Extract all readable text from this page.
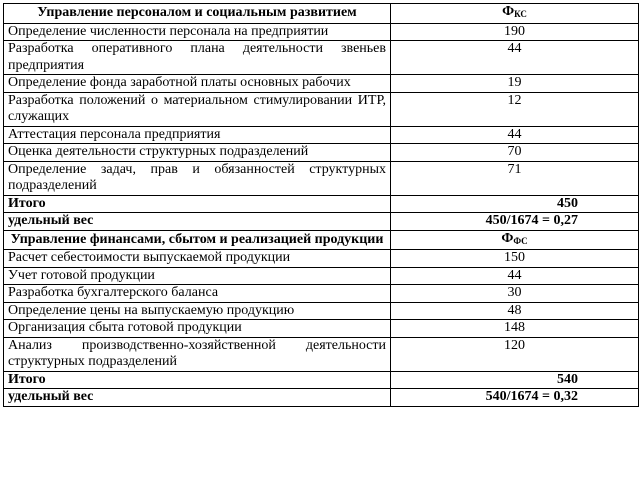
Управление персоналом и социальным развитием	$Ф_{КС}$
Определение численности персонала на предприятии	190
Разработка оперативного плана деятельности звеньев предприятия	44
Определение фонда заработной платы основных рабочих	19
Разработка положений о материальном стимулировании ИТР, служащих	12
Аттестация персонала предприятия	44
Оценка деятельности структурных подразделений	70
Определение задач, прав и обязанностей структурных подразделений	71
Итого	450
удельный вес	450/1674 = 0,27
Управление финансами, сбытом и реализацией продукции	$Ф_{ФС}$
Расчет себестоимости выпускаемой продукции	150
Учет готовой продукции	44
Разработка бухгалтерского баланса	30
Определение цены на выпускаемую продукцию	48
Организация сбыта готовой продукции	148
Анализ производственно-хозяйственной деятельности структурных подразделений	120
Итого	540
удельный вес	540/1674 = 0,32
